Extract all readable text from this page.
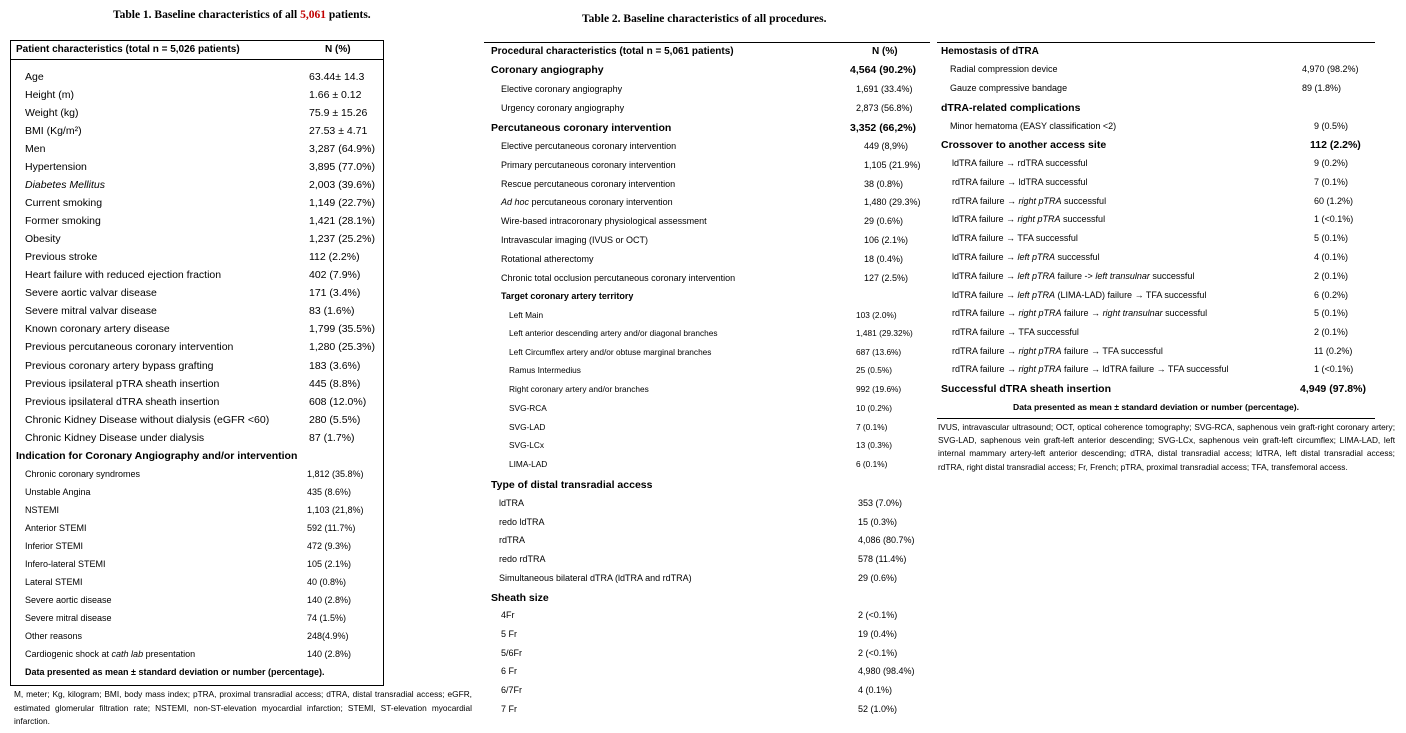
Table 1. Baseline characteristics of all 5,061 patients.
Patient characteristics (total n = 5,026 patients)	N (%)
Age	63.44± 14.3
Height (m)	1.66 ± 0.12
Weight (kg)	75.9 ± 15.26
BMI (Kg/m²)	27.53 ± 4.71
Men	3,287 (64.9%)
Hypertension	3,895 (77.0%)
Diabetes Mellitus	2,003 (39.6%)
Current smoking	1,149 (22.7%)
Former smoking	1,421 (28.1%)
Obesity	1,237 (25.2%)
Previous stroke	112 (2.2%)
Heart failure with reduced ejection fraction	402 (7.9%)
Severe aortic valvar disease	171 (3.4%)
Severe mitral valvar disease	83 (1.6%)
Known coronary artery disease	1,799 (35.5%)
Previous percutaneous coronary intervention	1,280 (25.3%)
Previous coronary artery bypass grafting	183 (3.6%)
Previous ipsilateral pTRA sheath insertion	445 (8.8%)
Previous ipsilateral dTRA sheath insertion	608 (12.0%)
Chronic Kidney Disease without dialysis (eGFR <60)	280 (5.5%)
Chronic Kidney Disease under dialysis	87 (1.7%)
Indication for Coronary Angiography and/or intervention
Chronic coronary syndromes	1,812 (35.8%)
Unstable Angina	435 (8.6%)
NSTEMI	1,103 (21,8%)
Anterior STEMI	592 (11.7%)
Inferior STEMI	472 (9.3%)
Infero-lateral STEMI	105 (2.1%)
Lateral STEMI	40 (0.8%)
Severe aortic disease	140 (2.8%)
Severe mitral disease	74 (1.5%)
Other reasons	248(4.9%)
Cardiogenic shock at cath lab presentation	140 (2.8%)
Data presented as mean ± standard deviation or number (percentage).
M, meter; Kg, kilogram; BMI, body mass index; pTRA, proximal transradial access; dTRA, distal transradial access; eGFR, estimated glomerular filtration rate; NSTEMI, non-ST-elevation myocardial infarction; STEMI, ST-elevation myocardial infarction.
Table 2. Baseline characteristics of all procedures.
IVUS, intravascular ultrasound; OCT, optical coherence tomography; SVG-RCA, saphenous vein graft-right coronary artery; SVG-LAD, saphenous vein graft-left anterior descending; SVG-LCx, saphenous vein graft-left circumflex; LIMA-LAD, left internal mammary artery-left anterior descending; dTRA, distal transradial access; ldTRA, left distal transradial access; rdTRA, right distal transradial access; Fr, French; pTRA, proximal transradial access; TFA, transfemoral access.
Procedural characteristics (total n = 5,061 patients)	N (%)
Coronary angiography	4,564 (90.2%)
Elective coronary angiography	1,691 (33.4%)
Urgency coronary angiography	2,873 (56.8%)
Percutaneous coronary intervention	3,352 (66,2%)
Elective percutaneous coronary intervention	449 (8,9%)
Primary percutaneous coronary intervention	1,105 (21.9%)
Rescue percutaneous coronary intervention	38 (0.8%)
Ad hoc percutaneous coronary intervention	1,480 (29.3%)
Wire-based intracoronary physiological assessment	29 (0.6%)
Intravascular imaging (IVUS or OCT)	106 (2.1%)
Rotational atherectomy	18 (0.4%)
Chronic total occlusion percutaneous coronary intervention	127 (2.5%)
Target coronary artery territory
Left Main	103 (2.0%)
Left anterior descending artery and/or diagonal branches	1,481 (29.32%)
Left Circumflex artery and/or obtuse marginal branches	687 (13.6%)
Ramus Intermedius	25 (0.5%)
Right coronary artery and/or branches	992 (19.6%)
SVG-RCA	10 (0.2%)
SVG-LAD	7 (0.1%)
SVG-LCx	13 (0.3%)
LIMA-LAD	6 (0.1%)
Type of distal transradial access
ldTRA	353 (7.0%)
redo ldTRA	15 (0.3%)
rdTRA	4,086 (80.7%)
redo rdTRA	578 (11.4%)
Simultaneous bilateral dTRA (ldTRA and rdTRA)	29 (0.6%)
Sheath size
4Fr	2 (<0.1%)
5 Fr	19 (0.4%)
5/6Fr	2 (<0.1%)
6 Fr	4,980 (98.4%)
6/7Fr	4 (0.1%)
7 Fr	52 (1.0%)
Hemostasis of dTRA
Radial compression device	4,970 (98.2%)
Gauze compressive bandage	89 (1.8%)
dTRA-related complications
Minor hematoma (EASY classification <2)	9 (0.5%)
Crossover to another access site	112 (2.2%)
ldTRA failure → rdTRA successful	9 (0.2%)
rdTRA failure → ldTRA successful	7 (0.1%)
rdTRA failure → right pTRA successful	60 (1.2%)
ldTRA failure → right pTRA successful	1 (<0.1%)
ldTRA failure → TFA successful	5 (0.1%)
ldTRA failure → left pTRA successful	4 (0.1%)
ldTRA failure → left pTRA failure -> left transulnar successful	2 (0.1%)
ldTRA failure → left pTRA (LIMA-LAD) failure → TFA successful	6 (0.2%)
rdTRA failure → right pTRA failure → right transulnar successful	5 (0.1%)
rdTRA failure → TFA successful	2 (0.1%)
rdTRA failure → right pTRA failure → TFA successful	11 (0.2%)
rdTRA failure → right pTRA failure → ldTRA failure → TFA successful	1 (<0.1%)
Successful dTRA sheath insertion	4,949 (97.8%)
Data presented as mean ± standard deviation or number (percentage).
